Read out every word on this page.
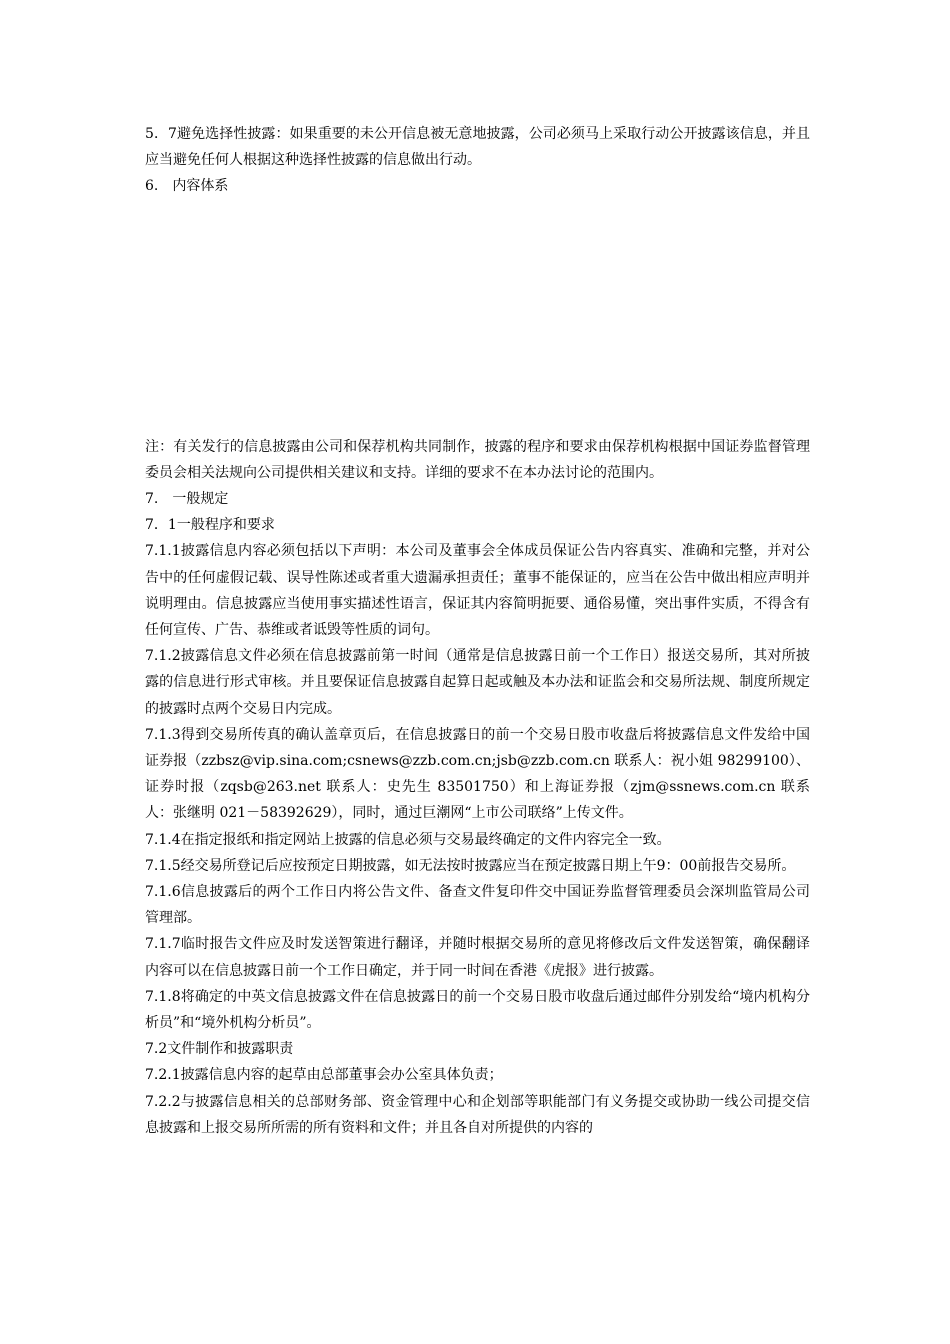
5．7避免选择性披露：如果重要的未公开信息被无意地披露，公司必须马上采取行动公开披露该信息，并且应当避免任何人根据这种选择性披露的信息做出行动。

6.　内容体系

注：有关发行的信息披露由公司和保荐机构共同制作，披露的程序和要求由保荐机构根据中国证券监督管理委员会相关法规向公司提供相关建议和支持。详细的要求不在本办法讨论的范围内。

7.　一般规定

7．1一般程序和要求

7.1.1披露信息内容必须包括以下声明：本公司及董事会全体成员保证公告内容真实、准确和完整，并对公告中的任何虚假记载、误导性陈述或者重大遗漏承担责任；董事不能保证的，应当在公告中做出相应声明并说明理由。信息披露应当使用事实描述性语言，保证其内容简明扼要、通俗易懂，突出事件实质，不得含有任何宣传、广告、恭维或者诋毁等性质的词句。

7.1.2披露信息文件必须在信息披露前第一时间（通常是信息披露日前一个工作日）报送交易所，其对所披露的信息进行形式审核。并且要保证信息披露自起算日起或触及本办法和证监会和交易所法规、制度所规定的披露时点两个交易日内完成。

7.1.3得到交易所传真的确认盖章页后，在信息披露日的前一个交易日股市收盘后将披露信息文件发给中国证券报（zzbsz@vip.sina.com;csnews@zzb.com.cn;jsb@zzb.com.cn 联系人：祝小姐 98299100）、证券时报（zqsb@263.net 联系人：史先生 83501750）和上海证券报（zjm@ssnews.com.cn 联系人：张继明 021－58392629），同时，通过巨潮网“上市公司联络”上传文件。

7.1.4在指定报纸和指定网站上披露的信息必须与交易最终确定的文件内容完全一致。

7.1.5经交易所登记后应按预定日期披露，如无法按时披露应当在预定披露日期上午9：00前报告交易所。

7.1.6信息披露后的两个工作日内将公告文件、备查文件复印件交中国证券监督管理委员会深圳监管局公司管理部。

7.1.7临时报告文件应及时发送智策进行翻译，并随时根据交易所的意见将修改后文件发送智策，确保翻译内容可以在信息披露日前一个工作日确定，并于同一时间在香港《虎报》进行披露。

7.1.8将确定的中英文信息披露文件在信息披露日的前一个交易日股市收盘后通过邮件分别发给“境内机构分析员”和“境外机构分析员”。

7.2文件制作和披露职责

7.2.1披露信息内容的起草由总部董事会办公室具体负责；

7.2.2与披露信息相关的总部财务部、资金管理中心和企划部等职能部门有义务提交或协助一线公司提交信息披露和上报交易所所需的所有资料和文件；并且各自对所提供的内容的
